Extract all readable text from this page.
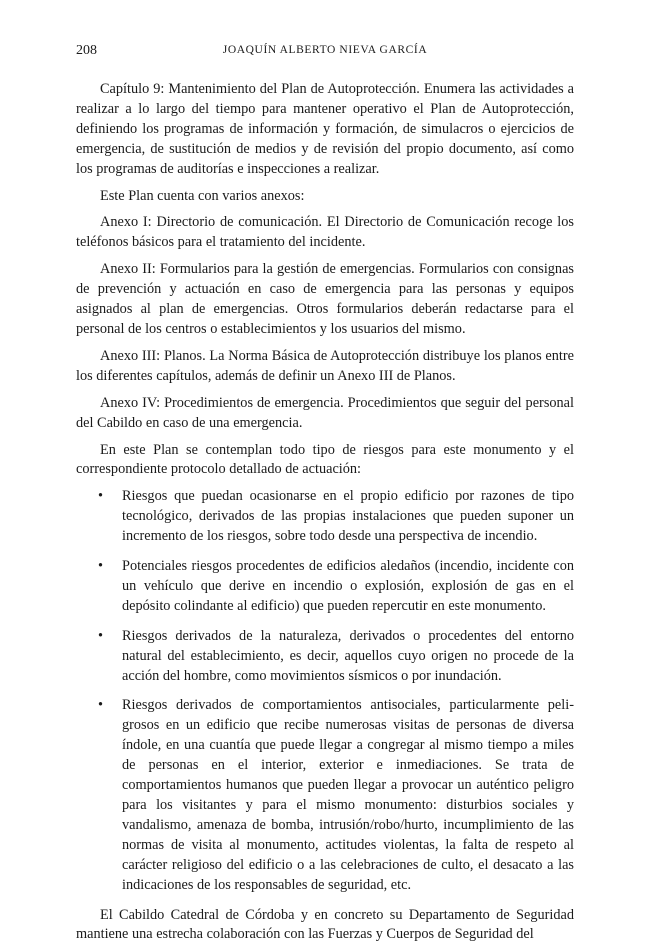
208	JOAQUÍN ALBERTO NIEVA GARCÍA

Capítulo 9: Mantenimiento del Plan de Autoprotección. Enumera las actividades a realizar a lo largo del tiempo para mantener operativo el Plan de Autoprotección, definiendo los programas de información y formación, de simulacros o ejercicios de emergencia, de sustitución de medios y de revisión del propio documento, así como los programas de auditorías e inspecciones a realizar.

Este Plan cuenta con varios anexos:

Anexo I: Directorio de comunicación. El Directorio de Comunicación recoge los teléfonos básicos para el tratamiento del incidente.

Anexo II: Formularios para la gestión de emergencias. Formularios con consignas de prevención y actuación en caso de emergencia para las personas y equipos asignados al plan de emergencias. Otros formularios deberán redactarse para el personal de los centros o establecimientos y los usuarios del mismo.

Anexo III: Planos. La Norma Básica de Autoprotección distribuye los planos entre los diferentes capítulos, además de definir un Anexo III de Planos.

Anexo IV: Procedimientos de emergencia. Procedimientos que seguir del personal del Cabildo en caso de una emergencia.

En este Plan se contemplan todo tipo de riesgos para este monumento y el correspondiente protocolo detallado de actuación:

•	Riesgos que puedan ocasionarse en el propio edificio por razones de tipo tecnológico, derivados de las propias instalaciones que pueden suponer un incremento de los riesgos, sobre todo desde una perspectiva de incendio.
•	Potenciales riesgos procedentes de edificios aledaños (incendio, incidente con un vehículo que derive en incendio o explosión, explosión de gas en el depósito colindante al edificio) que pueden repercutir en este monumento.
•	Riesgos derivados de la naturaleza, derivados o procedentes del entorno natural del establecimiento, es decir, aquellos cuyo origen no procede de la acción del hombre, como movimientos sísmicos o por inundación.
•	Riesgos derivados de comportamientos antisociales, particularmente peligrosos en un edificio que recibe numerosas visitas de personas de diversa índole, en una cuantía que puede llegar a congregar al mismo tiempo a miles de personas en el interior, exterior e inmediaciones. Se trata de comportamientos humanos que pueden llegar a provocar un auténtico peligro para los visitantes y para el mismo monumento: disturbios sociales y vandalismo, amenaza de bomba, intrusión/robo/hurto, incumplimiento de las normas de visita al monumento, actitudes violentas, la falta de respeto al carácter religioso del edificio o a las celebraciones de culto, el desacato a las indicaciones de los responsables de seguridad, etc.

El Cabildo Catedral de Córdoba y en concreto su Departamento de Seguridad mantiene una estrecha colaboración con las Fuerzas y Cuerpos de Seguridad del
